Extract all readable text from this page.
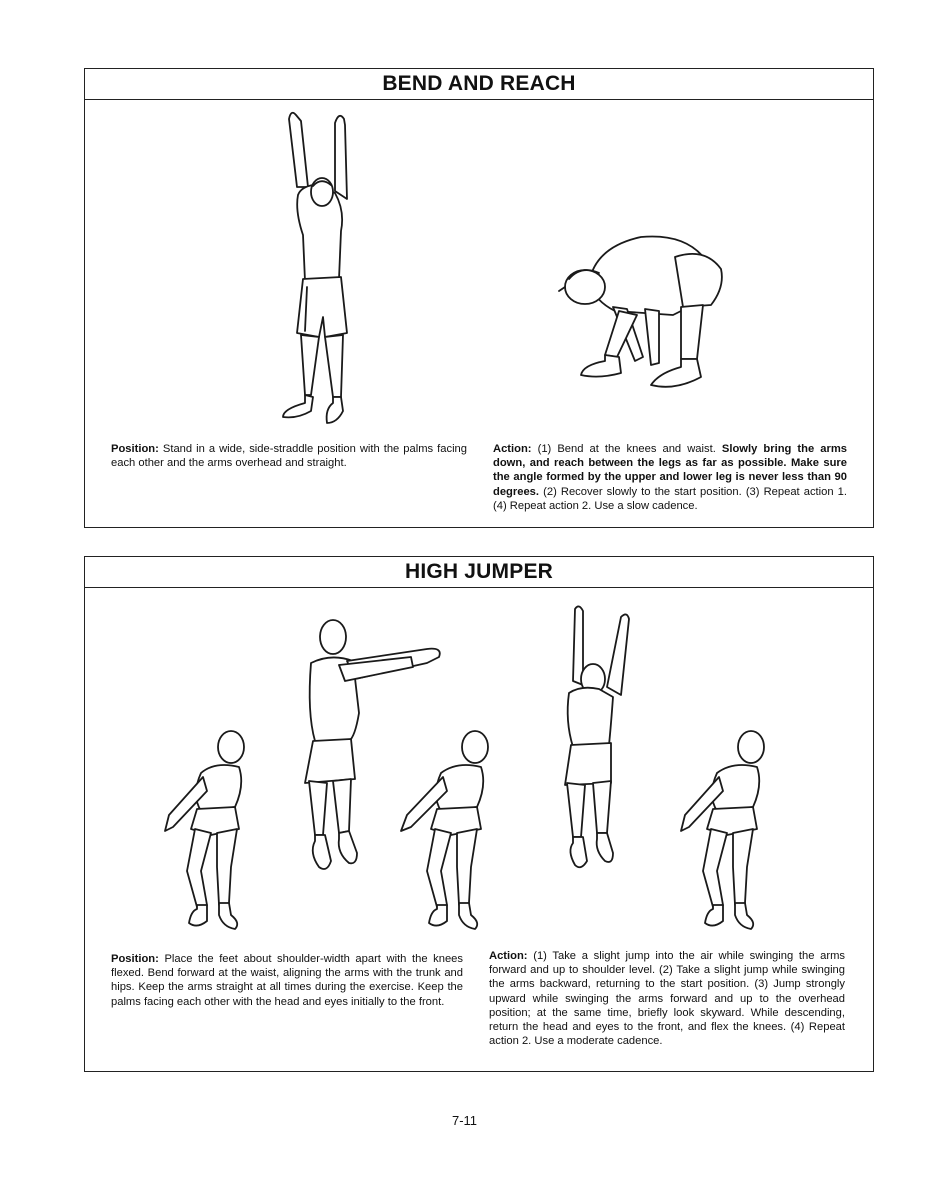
BEND AND REACH
Position: Stand in a wide, side-straddle position with the palms facing each other and the arms overhead and straight.
Action: (1) Bend at the knees and waist. Slowly bring the arms down, and reach between the legs as far as possible. Make sure the angle formed by the upper and lower leg is never less than 90 degrees. (2) Recover slowly to the start position. (3) Repeat action 1. (4) Repeat action 2. Use a slow cadence.
HIGH JUMPER
Position: Place the feet about shoulder-width apart with the knees flexed. Bend forward at the waist, aligning the arms with the trunk and hips. Keep the arms straight at all times during the exercise. Keep the palms facing each other with the head and eyes initially to the front.
Action: (1) Take a slight jump into the air while swinging the arms forward and up to shoulder level. (2) Take a slight jump while swinging the arms backward, returning to the start position. (3) Jump strongly upward while swinging the arms forward and up to the overhead position; at the same time, briefly look skyward. While descending, return the head and eyes to the front, and flex the knees. (4) Repeat action 2. Use a moderate cadence.
7-11
